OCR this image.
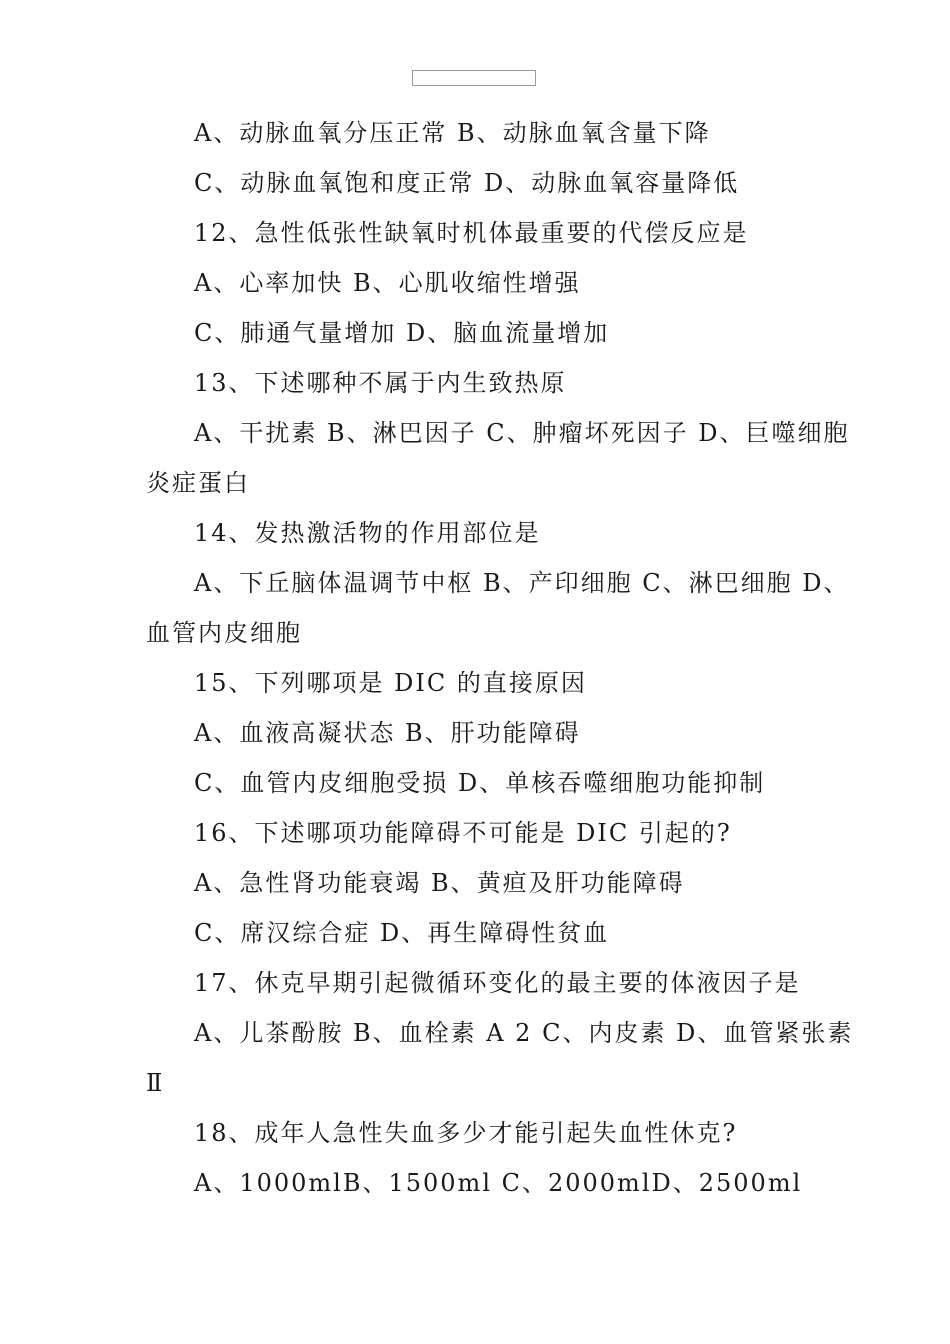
A、动脉血氧分压正常 B、动脉血氧含量下降
C、动脉血氧饱和度正常 D、动脉血氧容量降低
12、急性低张性缺氧时机体最重要的代偿反应是
A、心率加快 B、心肌收缩性增强
C、肺通气量增加 D、脑血流量增加
13、下述哪种不属于内生致热原
A、干扰素 B、淋巴因子 C、肿瘤坏死因子 D、巨噬细胞
炎症蛋白
14、发热激活物的作用部位是
A、下丘脑体温调节中枢 B、产印细胞 C、淋巴细胞 D、
血管内皮细胞
15、下列哪项是 DIC 的直接原因
A、血液高凝状态 B、肝功能障碍
C、血管内皮细胞受损 D、单核吞噬细胞功能抑制
16、下述哪项功能障碍不可能是 DIC 引起的?
A、急性肾功能衰竭 B、黄疸及肝功能障碍
C、席汉综合症 D、再生障碍性贫血
17、休克早期引起微循环变化的最主要的体液因子是
A、儿茶酚胺 B、血栓素 A 2 C、内皮素 D、血管紧张素
Ⅱ
18、成年人急性失血多少才能引起失血性休克?
A、1000mlB、1500ml C、2000mlD、2500ml
